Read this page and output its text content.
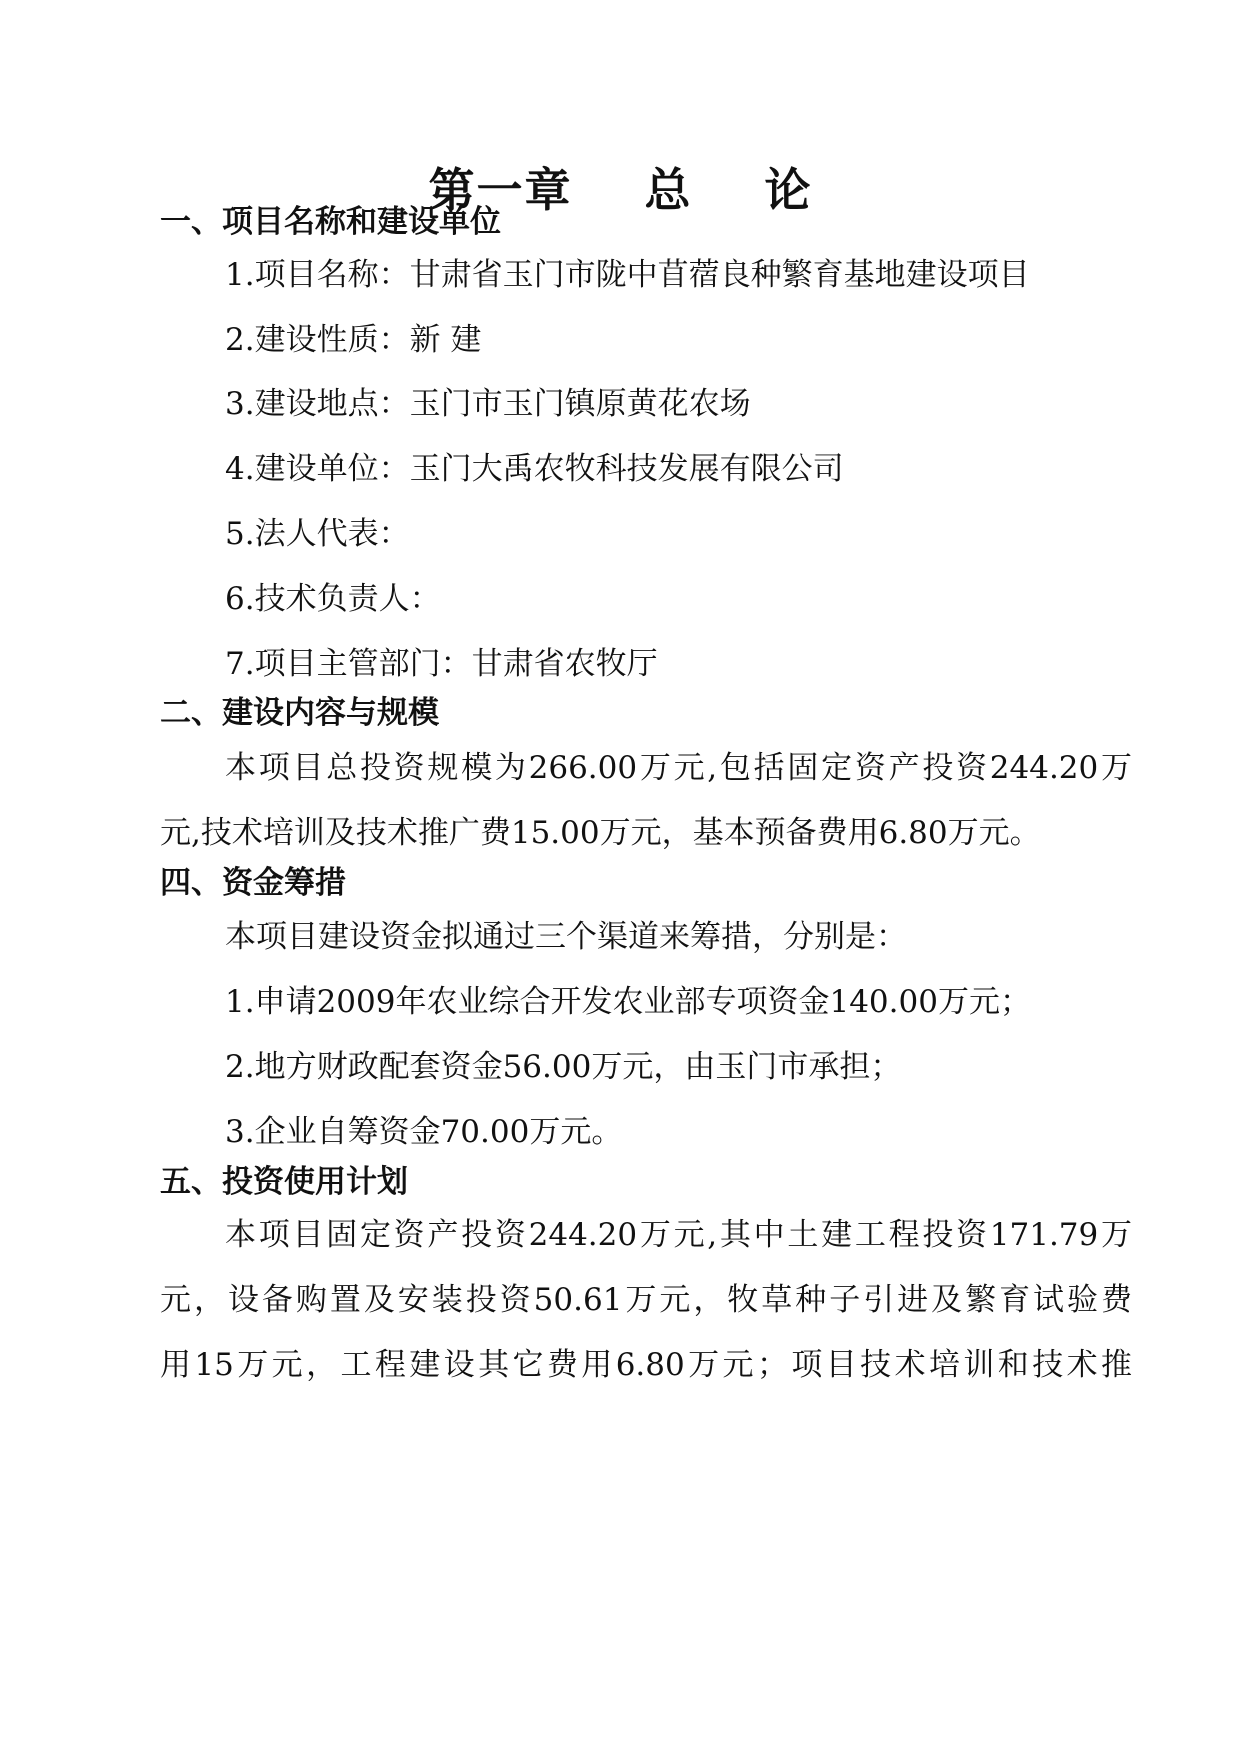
第一章    总    论
一、项目名称和建设单位
1.项目名称：甘肃省玉门市陇中苜蓿良种繁育基地建设项目
2.建设性质：新 建
3.建设地点：玉门市玉门镇原黄花农场
4.建设单位：玉门大禹农牧科技发展有限公司
5.法人代表：
6.技术负责人：
7.项目主管部门：甘肃省农牧厅
二、建设内容与规模
本项目总投资规模为266.00万元,包括固定资产投资244.20万
元,技术培训及技术推广费15.00万元，基本预备费用6.80万元。
四、资金筹措
本项目建设资金拟通过三个渠道来筹措，分别是：
1.申请2009年农业综合开发农业部专项资金140.00万元；
2.地方财政配套资金56.00万元，由玉门市承担；
3.企业自筹资金70.00万元。
五、投资使用计划
本项目固定资产投资244.20万元,其中土建工程投资171.79万
元，设备购置及安装投资50.61万元，牧草种子引进及繁育试验费
用15万元，工程建设其它费用6.80万元；项目技术培训和技术推
